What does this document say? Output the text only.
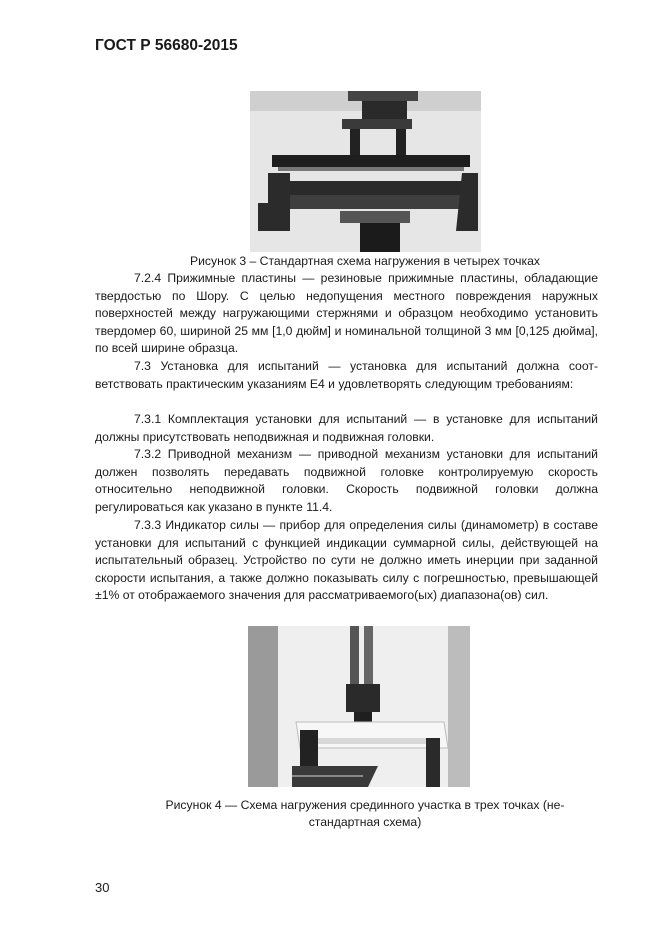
ГОСТ Р 56680-2015
Рисунок 3 – Стандартная схема нагружения в четырех точках

7.2.4 Прижимные пластины — резиновые прижимные пластины, обладающие твердостью по Шору. С целью недопущения местного повреждения наружных поверхностей между нагружающими стержнями и образцом необходимо установить твердомер 60, шириной 25 мм [1,0 дюйм] и номинальной толщиной 3 мм [0,125 дюйма], по всей ширине образца.

7.3 Установка для испытаний — установка для испытаний должна соответствовать практическим указаниям Е4 и удовлетворять следующим требованиям:

7.3.1 Комплектация установки для испытаний — в установке для испытаний должны присутствовать неподвижная и подвижная головки.

7.3.2 Приводной механизм — приводной механизм установки для испытаний должен позволять передавать подвижной головке контролируемую скорость относительно неподвижной головки. Скорость подвижной головки должна регулироваться как указано в пункте 11.4.

7.3.3 Индикатор силы — прибор для определения силы (динамометр) в составе установки для испытаний с функцией индикации суммарной силы, действующей на испытательный образец. Устройство по сути не должно иметь инерции при заданной скорости испытания, а также должно показывать силу с погрешностью, превышающей ±1% от отображаемого значения для рассматриваемого(ых) диапазона(ов) сил.

Рисунок 4 — Схема нагружения срединного участка в трех точках (не-
стандартная схема)
30
